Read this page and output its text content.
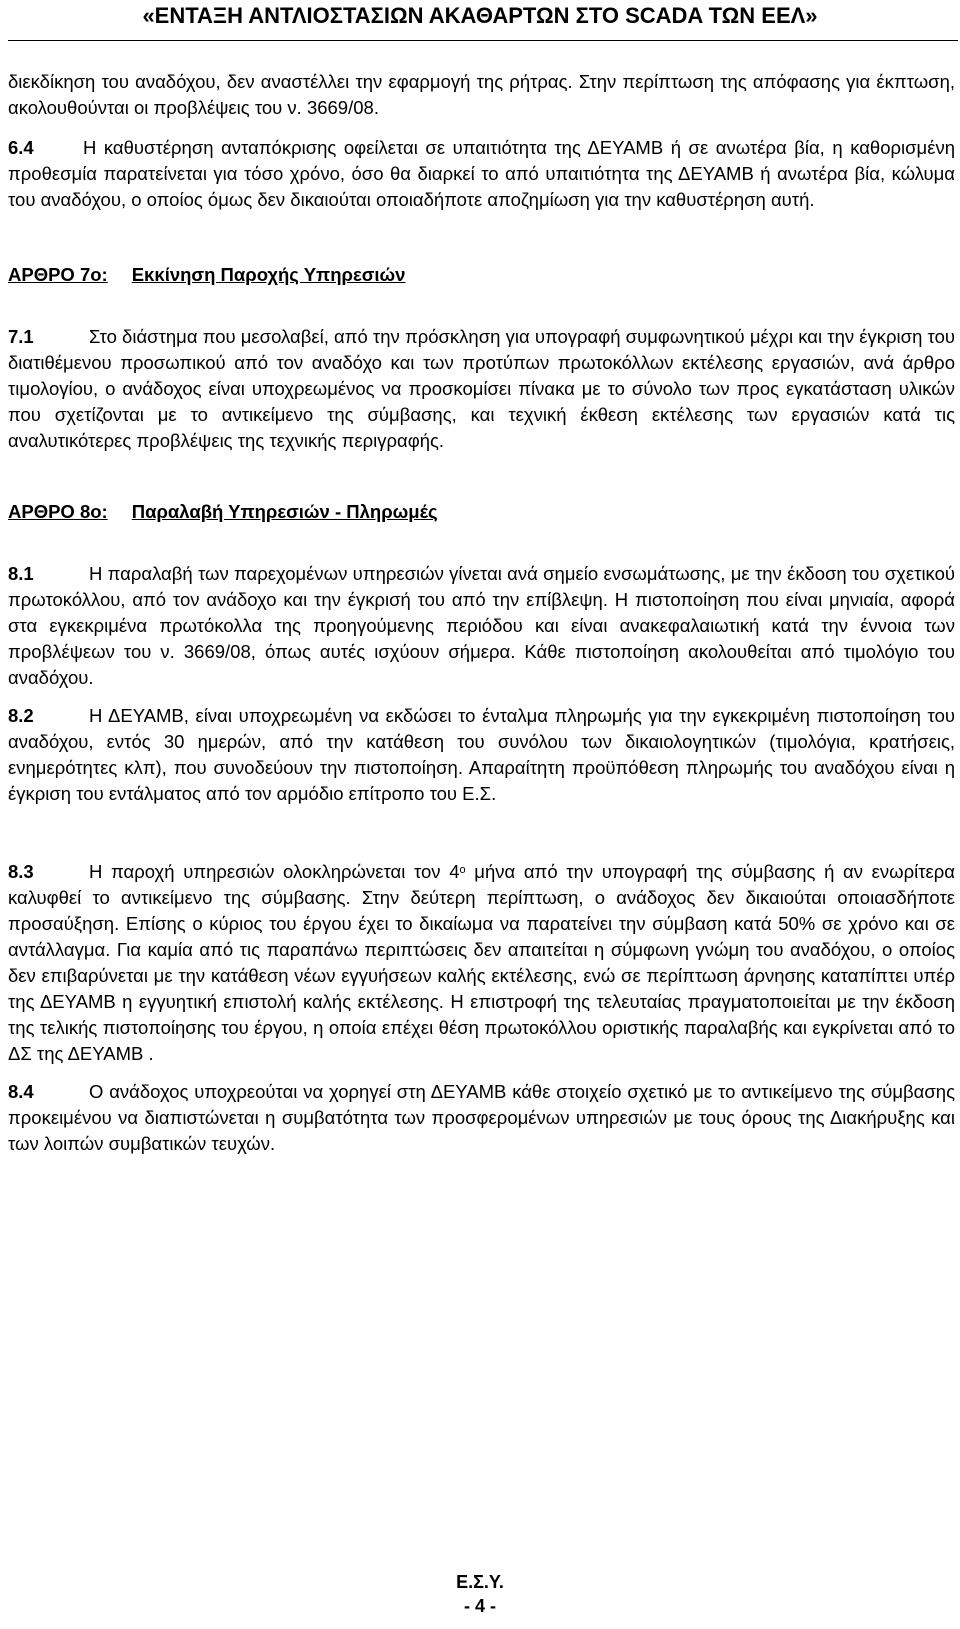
«ΕΝΤΑΞΗ ΑΝΤΛΙΟΣΤΑΣΙΩΝ ΑΚΑΘΑΡΤΩΝ ΣΤΟ SCADA ΤΩΝ ΕΕΛ»

διεκδίκηση του αναδόχου, δεν αναστέλλει την εφαρμογή της ρήτρας. Στην περίπτωση της απόφασης για έκπτωση, ακολουθούνται οι προβλέψεις του ν. 3669/08.

6.4	Η καθυστέρηση ανταπόκρισης οφείλεται σε υπαιτιότητα της ΔΕΥΑΜΒ ή σε ανωτέρα βία, η καθορισμένη προθεσμία παρατείνεται για τόσο χρόνο, όσο θα διαρκεί το από υπαιτιότητα της ΔΕΥΑΜΒ ή ανωτέρα βία, κώλυμα του αναδόχου, ο οποίος όμως δεν δικαιούται οποιαδήποτε αποζημίωση για την καθυστέρηση αυτή.

ΑΡΘΡΟ 7ο: Εκκίνηση Παροχής Υπηρεσιών

7.1	Στο διάστημα που μεσολαβεί, από την πρόσκληση για υπογραφή συμφωνητικού μέχρι και την έγκριση του διατιθέμενου προσωπικού από τον αναδόχο και των προτύπων πρωτοκόλλων εκτέλεσης εργασιών, ανά άρθρο τιμολογίου, ο ανάδοχος είναι υποχρεωμένος να προσκομίσει πίνακα με το σύνολο των προς εγκατάσταση υλικών που σχετίζονται με το αντικείμενο της σύμβασης, και τεχνική έκθεση εκτέλεσης των εργασιών κατά τις αναλυτικότερες προβλέψεις της τεχνικής περιγραφής.

ΑΡΘΡΟ 8ο: Παραλαβή Υπηρεσιών - Πληρωμές

8.1	Η παραλαβή των παρεχομένων υπηρεσιών γίνεται ανά σημείο ενσωμάτωσης, με την έκδοση του σχετικού πρωτοκόλλου, από τον ανάδοχο και την έγκρισή του από την επίβλεψη. Η πιστοποίηση που είναι μηνιαία, αφορά στα εγκεκριμένα πρωτόκολλα της προηγούμενης περιόδου και είναι ανακεφαλαιωτική κατά την έννοια των προβλέψεων του ν. 3669/08, όπως αυτές ισχύουν σήμερα. Κάθε πιστοποίηση ακολουθείται από τιμολόγιο του αναδόχου.

8.2	Η ΔΕΥΑΜΒ, είναι υποχρεωμένη να εκδώσει το ένταλμα πληρωμής για την εγκεκριμένη πιστοποίηση του αναδόχου, εντός 30 ημερών, από την κατάθεση του συνόλου των δικαιολογητικών (τιμολόγια, κρατήσεις, ενημερότητες κλπ), που συνοδεύουν την πιστοποίηση. Απαραίτητη προϋπόθεση πληρωμής του αναδόχου είναι η έγκριση του εντάλματος από τον αρμόδιο επίτροπο του Ε.Σ.

8.3	Η παροχή υπηρεσιών ολοκληρώνεται τον $4^o$ μήνα από την υπογραφή της σύμβασης ή αν ενωρίτερα καλυφθεί το αντικείμενο της σύμβασης. Στην δεύτερη περίπτωση, ο ανάδοχος δεν δικαιούται οποιασδήποτε προσαύξηση. Επίσης ο κύριος του έργου έχει το δικαίωμα να παρατείνει την σύμβαση κατά 50% σε χρόνο και σε αντάλλαγμα. Για καμία από τις παραπάνω περιπτώσεις δεν απαιτείται η σύμφωνη γνώμη του αναδόχου, ο οποίος δεν επιβαρύνεται με την κατάθεση νέων εγγυήσεων καλής εκτέλεσης, ενώ σε περίπτωση άρνησης καταπίπτει υπέρ της ΔΕΥΑΜΒ η εγγυητική επιστολή καλής εκτέλεσης. Η επιστροφή της τελευταίας πραγματοποιείται με την έκδοση της τελικής πιστοποίησης του έργου, η οποία επέχει θέση πρωτοκόλλου οριστικής παραλαβής και εγκρίνεται από το ΔΣ της ΔΕΥΑΜΒ .

8.4	Ο ανάδοχος υποχρεούται να χορηγεί στη ΔΕΥΑΜΒ κάθε στοιχείο σχετικό με το αντικείμενο της σύμβασης προκειμένου να διαπιστώνεται η συμβατότητα των προσφερομένων υπηρεσιών με τους όρους της Διακήρυξης και των λοιπών συμβατικών τευχών.

Ε.Σ.Υ.
- 4 -
